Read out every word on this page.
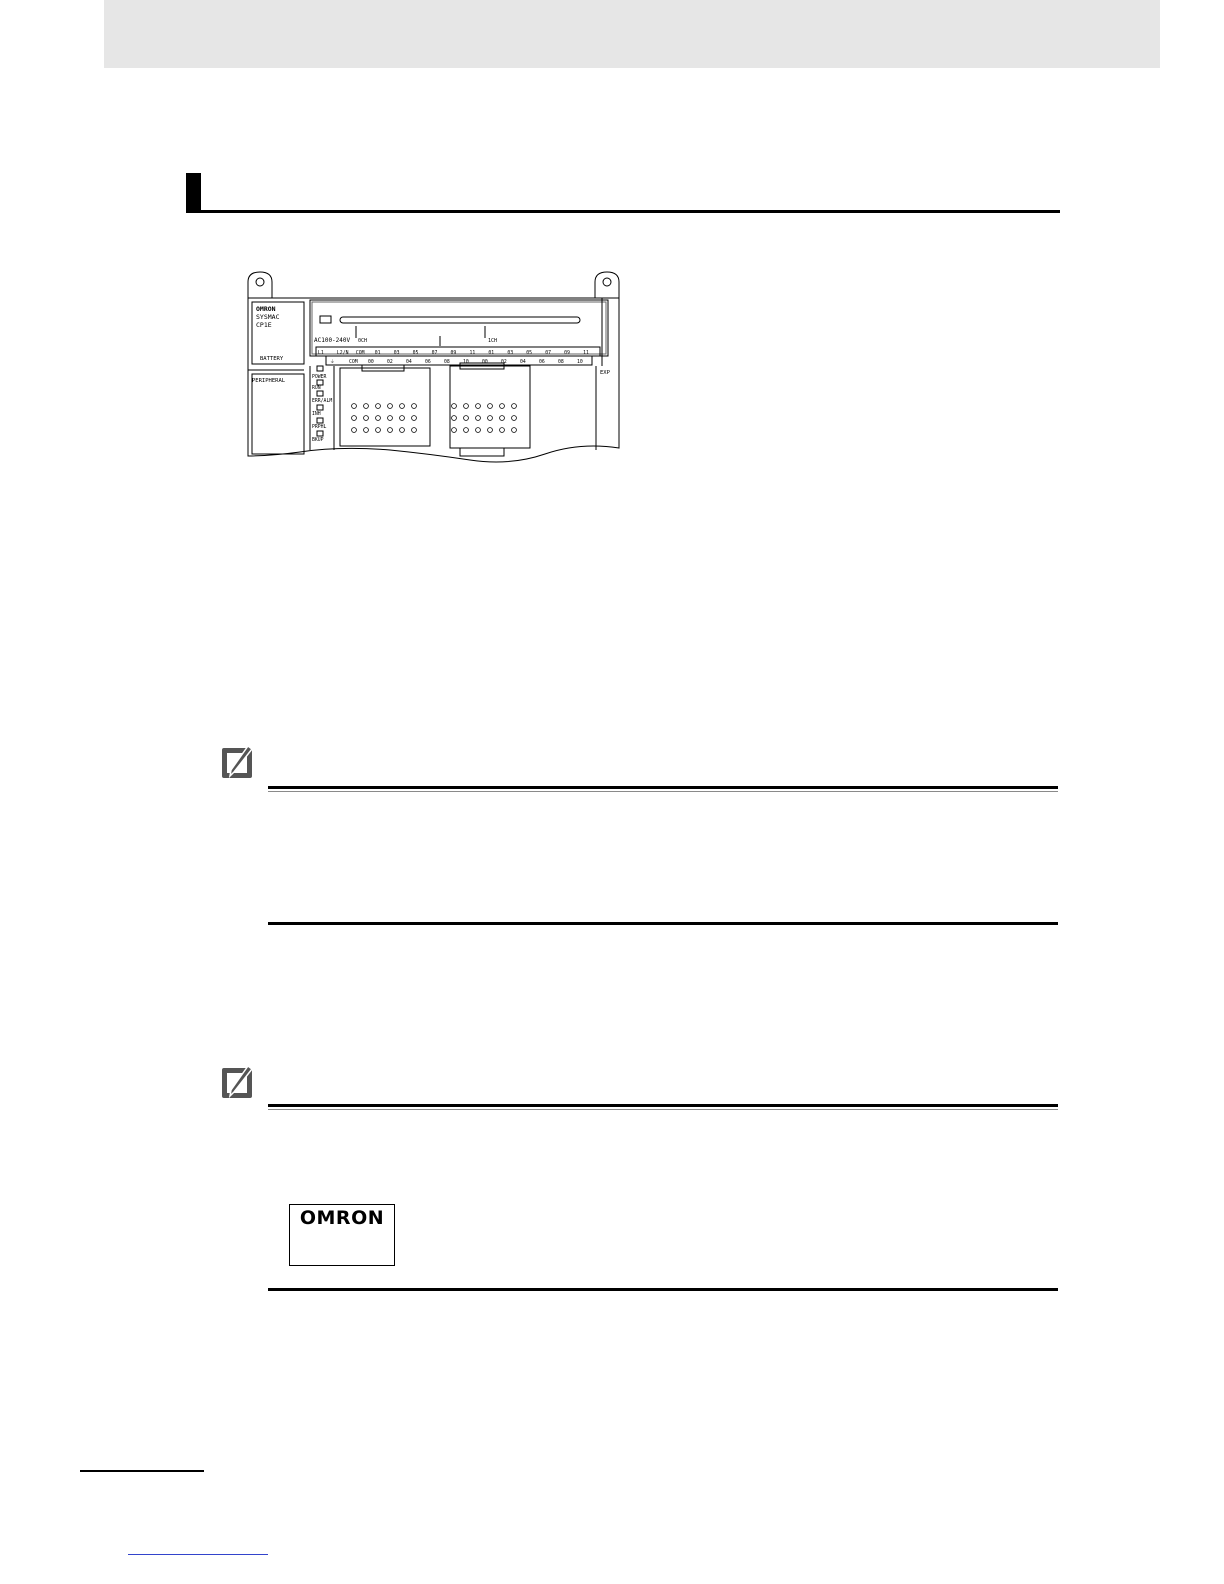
OMRON
SYSMAC
CP1E
BATTERY
PERIPHERAL
EXP
AC100-240V 0CH	1CH
POWER
RUN
ERR/ALM
INH
PRPHL
BKUP
L1	L2/N COM 01	03	05	07	09	11	01	03	05	07	09	11
⏚	COM 00	02	04	06	08	10	00	02	04	06	08	10
OMRON
